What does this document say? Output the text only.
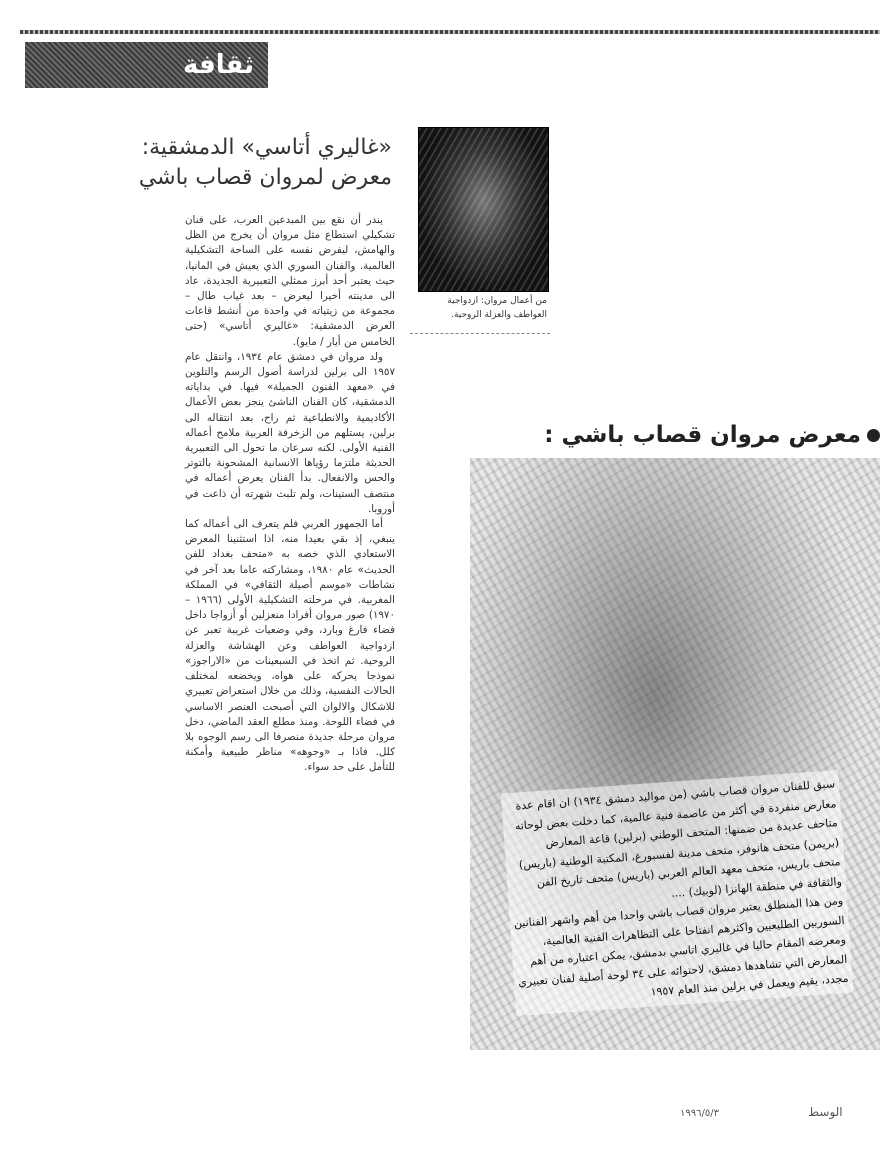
ثقافة
«غاليري أتاسي» الدمشقية:
معرض لمروان قصاب باشي

يندر أن نقع بين المبدعين العرب، على فنان تشكيلي استطاع مثل مروان أن يخرج من الظل والهامش، ليفرض نفسه على الساحة التشكيلية العالمية. والفنان السوري الذي يعيش في المانيا، حيث يعتبر أحد أبرز ممثلي التعبيرية الجديدة، عاد الى مدينته أخيرا ليعرض – بعد غياب طال – مجموعة من زيتياته في واحدة من أنشط قاعات العرض الدمشقية: «غاليري أتاسي» (حتى الخامس من أيار / مايو).

ولد مروان في دمشق عام ١٩٣٤، وانتقل عام ١٩٥٧ الى برلين لدراسة أصول الرسم والتلوين في «معهد الفنون الجميلة» فيها. في بداياته الدمشقية، كان الفنان الناشئ ينجز بعض الأعمال الأكاديمية والانطباعية ثم راح، بعد انتقاله الى برلين، يستلهم من الزخرفة العربية ملامح أعماله الفنية الأولى. لكنه سرعان ما تحول الى التعبيرية الحديثة ملتزما رؤياها الانسانية المشحونة بالتوتر والحس والانفعال. بدأ الفنان يعرض أعماله في منتصف الستينات، ولم تلبث شهرته أن ذاعت في أوروبا.

أما الجمهور العربي فلم يتعرف الى أعماله كما ينبغي، إذ بقي بعيدا منه، اذا استثنينا المعرض الاستعادي الذي خصه به «متحف بغداد للفن الحديث» عام ١٩٨٠، ومشاركته عاما بعد آخر في نشاطات «موسم أصيلة الثقافي» في المملكة المغربية. في مرحلته التشكيلية الأولى (١٩٦٦ – ١٩٧٠) صور مروان أفرادا منعزلين أو أزواجا داخل فضاء فارغ وبارد، وفي وضعيات غريبة تعبر عن ازدواجية العواطف وعن الهشاشة والعزلة الروحية. ثم اتخذ في السبعينات من «الاراجوز» نموذجا يحركه على هواه، ويخضعه لمختلف الحالات النفسية، وذلك من خلال استعراض تعبيري للاشكال والالوان التي أصبحت العنصر الاساسي في فضاء اللوحة. ومنذ مطلع العقد الماضي، دخل مروان مرحلة جديدة منصرفا الى رسم الوجوه بلا كلل. فاذا بـ «وجوهه» مناظر طبيعية وأمكنة للتأمل على حد سواء.

من أعمال مروان: ازدواجية العواطف والعزلة الروحية.
معرض مروان قصاب باشي :

سبق للفنان مروان قصاب باشي (من مواليد دمشق ١٩٣٤) ان اقام عدة معارض منفردة في أكثر من عاصمة فنية عالمية، كما دخلت بعض لوحاته متاحف عديدة من ضمنها: المتحف الوطني (برلين) قاعة المعارض (بريمن) متحف هانوفر، متحف مدينة لفسبورغ، المكتبة الوطنية (باريس) متحف باريس، متحف معهد العالم العربي (باريس) متحف تاريخ الفن والثقافة في منطقة الهانزا (لوبيك) ....

ومن هذا المنطلق يعتبر مروان قصاب باشي واحدا من أهم واشهر الفنانين السوريين الطليعيين واكثرهم انفتاحا على التظاهرات الفنية العالمية، ومعرضه المقام حاليا في غاليري اتاسي بدمشق، يمكن اعتباره من أهم المعارض التي تشاهدها دمشق، لاحتوائه على ٣٤ لوحة أصلية لفنان تعبيري مجدد، يقيم ويعمل في برلين منذ العام ١٩٥٧

١٩٩٦/٥/٣	الوسط
